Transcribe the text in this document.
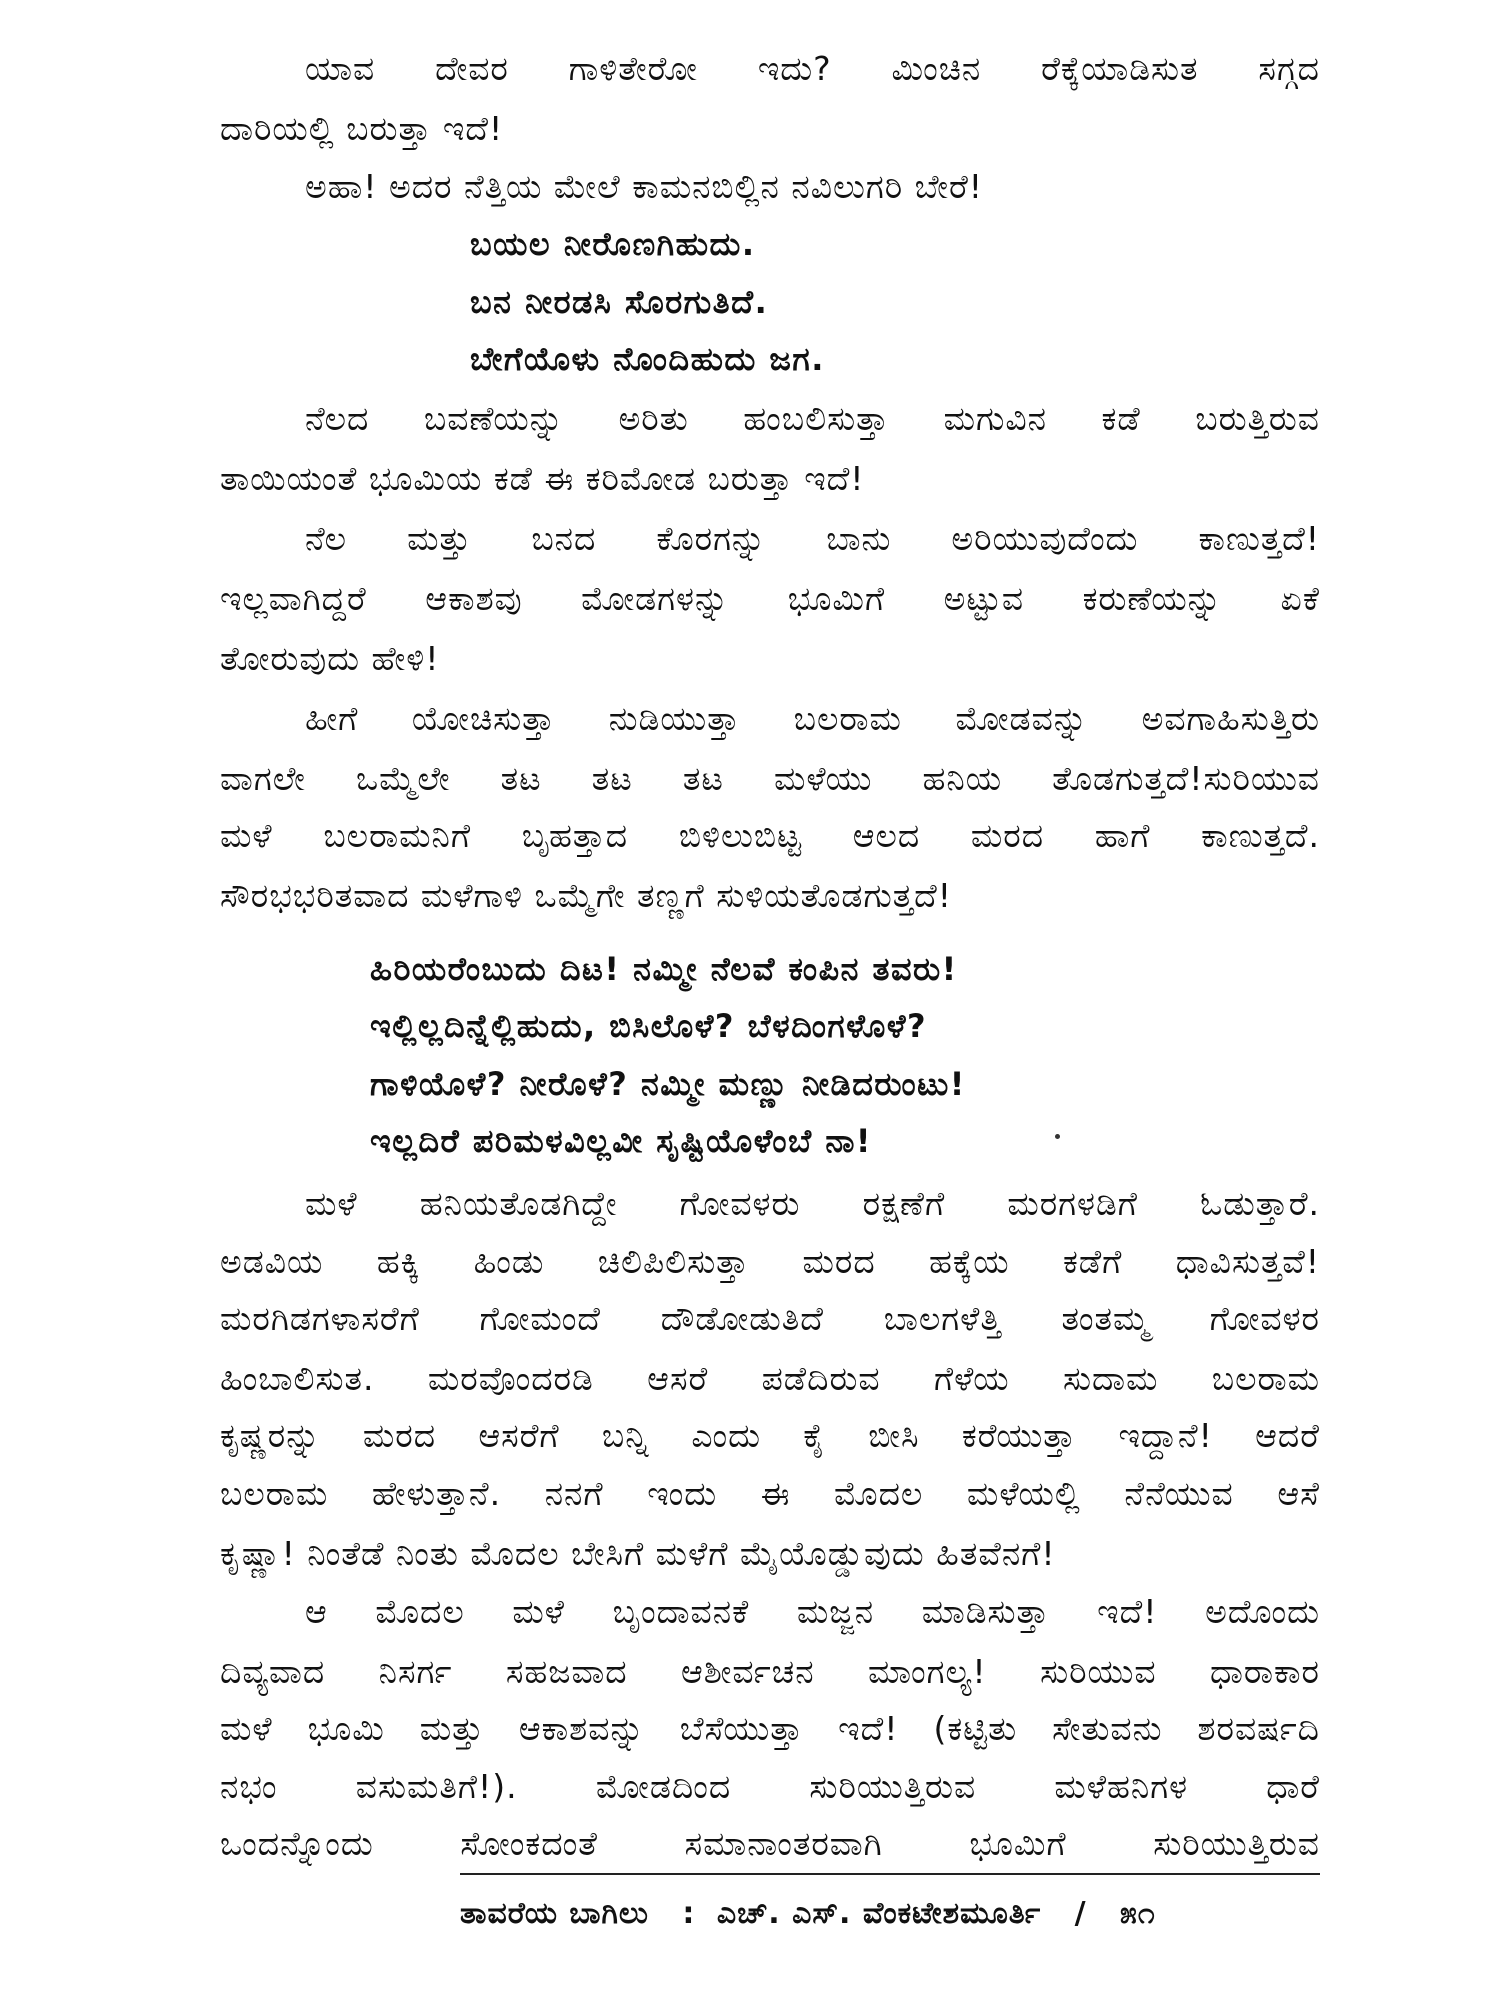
ಯಾವ ದೇವರ ಗಾಳಿತೇರೋ ಇದು? ಮಿಂಚಿನ ರೆಕ್ಕೆಯಾಡಿಸುತ ಸಗ್ಗದ
ದಾರಿಯಲ್ಲಿ ಬರುತ್ತಾ ಇದೆ!
ಅಹಾ! ಅದರ ನೆತ್ತಿಯ ಮೇಲೆ ಕಾಮನಬಿಲ್ಲಿನ ನವಿಲುಗರಿ ಬೇರೆ!
ಬಯಲ ನೀರೊಣಗಿಹುದು.
ಬನ ನೀರಡಸಿ ಸೊರಗುತಿದೆ.
ಬೇಗೆಯೊಳು ನೊಂದಿಹುದು ಜಗ.
ನೆಲದ ಬವಣೆಯನ್ನು ಅರಿತು ಹಂಬಲಿಸುತ್ತಾ ಮಗುವಿನ ಕಡೆ ಬರುತ್ತಿರುವ
ತಾಯಿಯಂತೆ ಭೂಮಿಯ ಕಡೆ ಈ ಕರಿಮೋಡ ಬರುತ್ತಾ ಇದೆ!
ನೆಲ ಮತ್ತು ಬನದ ಕೊರಗನ್ನು ಬಾನು ಅರಿಯುವುದೆಂದು ಕಾಣುತ್ತದೆ!
ಇಲ್ಲವಾಗಿದ್ದರೆ ಆಕಾಶವು ಮೋಡಗಳನ್ನು ಭೂಮಿಗೆ ಅಟ್ಟುವ ಕರುಣೆಯನ್ನು ಏಕೆ
ತೋರುವುದು ಹೇಳಿ!
ಹೀಗೆ ಯೋಚಿಸುತ್ತಾ ನುಡಿಯುತ್ತಾ ಬಲರಾಮ ಮೋಡವನ್ನು ಅವಗಾಹಿಸುತ್ತಿರು
ವಾಗಲೇ ಒಮ್ಮೆಲೇ ತಟ ತಟ ತಟ ಮಳೆಯು ಹನಿಯ ತೊಡಗುತ್ತದೆ!ಸುರಿಯುವ
ಮಳೆ ಬಲರಾಮನಿಗೆ ಬೃಹತ್ತಾದ ಬಿಳಿಲುಬಿಟ್ಟ ಆಲದ ಮರದ ಹಾಗೆ ಕಾಣುತ್ತದೆ.
ಸೌರಭಭರಿತವಾದ ಮಳೆಗಾಳಿ ಒಮ್ಮೆಗೇ ತಣ್ಣಗೆ ಸುಳಿಯತೊಡಗುತ್ತದೆ!
ಹಿರಿಯರೆಂಬುದು ದಿಟ! ನಮ್ಮೀ ನೆಲವೆ ಕಂಪಿನ ತವರು!
ಇಲ್ಲಿಲ್ಲದಿನ್ನೆಲ್ಲಿಹುದು, ಬಿಸಿಲೊಳೆ? ಬೆಳದಿಂಗಳೊಳೆ?
ಗಾಳಿಯೊಳೆ? ನೀರೊಳೆ? ನಮ್ಮೀ ಮಣ್ಣು ನೀಡಿದರುಂಟು!
ಇಲ್ಲದಿರೆ ಪರಿಮಳವಿಲ್ಲವೀ ಸೃಷ್ಟಿಯೊಳೆಂಬೆ ನಾ!
ಮಳೆ ಹನಿಯತೊಡಗಿದ್ದೇ ಗೋವಳರು ರಕ್ಷಣೆಗೆ ಮರಗಳಡಿಗೆ ಓಡುತ್ತಾರೆ.
ಅಡವಿಯ ಹಕ್ಕಿ ಹಿಂಡು ಚಿಲಿಪಿಲಿಸುತ್ತಾ ಮರದ ಹಕ್ಕೆಯ ಕಡೆಗೆ ಧಾವಿಸುತ್ತವೆ!
ಮರಗಿಡಗಳಾಸರೆಗೆ ಗೋಮಂದೆ ದೌಡೋಡುತಿದೆ ಬಾಲಗಳೆತ್ತಿ ತಂತಮ್ಮ ಗೋವಳರ
ಹಿಂಬಾಲಿಸುತ. ಮರವೊಂದರಡಿ ಆಸರೆ ಪಡೆದಿರುವ ಗೆಳೆಯ ಸುದಾಮ ಬಲರಾಮ
ಕೃಷ್ಣರನ್ನು ಮರದ ಆಸರೆಗೆ ಬನ್ನಿ ಎಂದು ಕೈ ಬೀಸಿ ಕರೆಯುತ್ತಾ ಇದ್ದಾನೆ! ಆದರೆ
ಬಲರಾಮ ಹೇಳುತ್ತಾನೆ. ನನಗೆ ಇಂದು ಈ ಮೊದಲ ಮಳೆಯಲ್ಲಿ ನೆನೆಯುವ ಆಸೆ
ಕೃಷ್ಣಾ! ನಿಂತೆಡೆ ನಿಂತು ಮೊದಲ ಬೇಸಿಗೆ ಮಳೆಗೆ ಮೈಯೊಡ್ಡುವುದು ಹಿತವೆನಗೆ!
ಆ ಮೊದಲ ಮಳೆ ಬೃಂದಾವನಕೆ ಮಜ್ಜನ ಮಾಡಿಸುತ್ತಾ ಇದೆ! ಅದೊಂದು
ದಿವ್ಯವಾದ ನಿಸರ್ಗ ಸಹಜವಾದ ಆಶೀರ್ವಚನ ಮಾಂಗಲ್ಯ! ಸುರಿಯುವ ಧಾರಾಕಾರ
ಮಳೆ ಭೂಮಿ ಮತ್ತು ಆಕಾಶವನ್ನು ಬೆಸೆಯುತ್ತಾ ಇದೆ! (ಕಟ್ಟಿತು ಸೇತುವನು ಶರವರ್ಷದಿ
ನಭಂ ವಸುಮತಿಗೆ!). ಮೋಡದಿಂದ ಸುರಿಯುತ್ತಿರುವ ಮಳೆಹನಿಗಳ ಧಾರೆ
ಒಂದನ್ನೊಂದು ಸೋಂಕದಂತೆ ಸಮಾನಾಂತರವಾಗಿ ಭೂಮಿಗೆ ಸುರಿಯುತ್ತಿರುವ
ತಾವರೆಯ ಬಾಗಿಲು : ಎಚ್. ಎಸ್. ವೆಂಕಟೇಶಮೂರ್ತಿ / ೫೧
